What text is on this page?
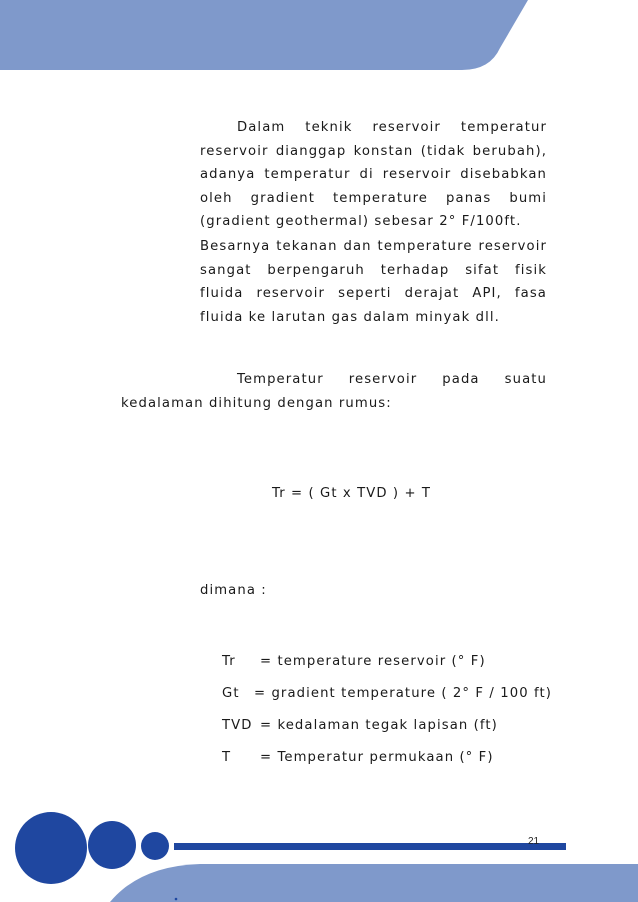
Dalam teknik reservoir temperatur reservoir dianggap konstan (tidak berubah), adanya temperatur di reservoir disebabkan oleh gradient temperature panas bumi (gradient geothermal) sebesar 2° F/100ft.

Besarnya tekanan dan temperature reservoir sangat berpengaruh terhadap sifat fisik fluida reservoir seperti derajat API, fasa fluida ke larutan gas dalam minyak dll.

Temperatur reservoir pada suatu kedalaman dihitung dengan rumus:

Tr = ( Gt x TVD ) + T
dimana :
Tr	= temperature reservoir (° F)
Gt	= gradient temperature ( 2° F / 100 ft)
TVD = kedalaman tegak lapisan (ft)
T	= Temperatur permukaan (° F)
21
